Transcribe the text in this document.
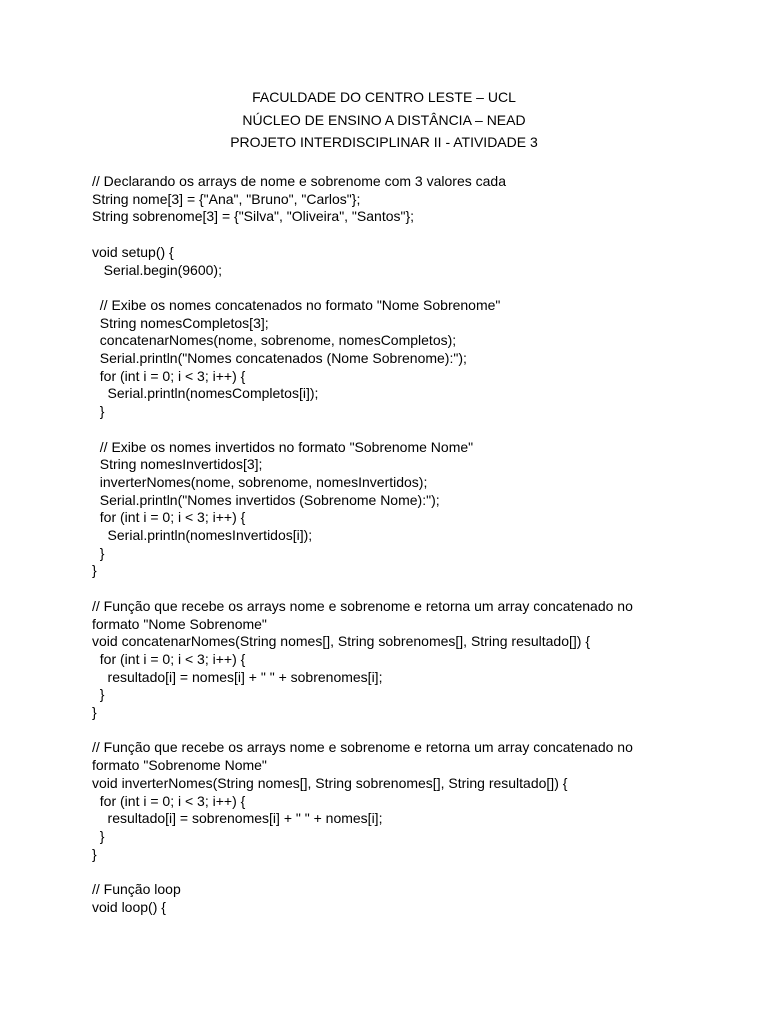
FACULDADE DO CENTRO LESTE – UCL
NÚCLEO DE ENSINO A DISTÂNCIA – NEAD
PROJETO INTERDISCIPLINAR II - ATIVIDADE 3
// Declarando os arrays de nome e sobrenome com 3 valores cada
String nome[3] = {"Ana", "Bruno", "Carlos"};
String sobrenome[3] = {"Silva", "Oliveira", "Santos"};
void setup() {
Serial.begin(9600);
// Exibe os nomes concatenados no formato "Nome Sobrenome"
String nomesCompletos[3];
concatenarNomes(nome, sobrenome, nomesCompletos);
Serial.println("Nomes concatenados (Nome Sobrenome):");
for (int i = 0; i < 3; i++) {
Serial.println(nomesCompletos[i]);
}
// Exibe os nomes invertidos no formato "Sobrenome Nome"
String nomesInvertidos[3];
inverterNomes(nome, sobrenome, nomesInvertidos);
Serial.println("Nomes invertidos (Sobrenome Nome):");
for (int i = 0; i < 3; i++) {
Serial.println(nomesInvertidos[i]);
}
}
// Função que recebe os arrays nome e sobrenome e retorna um array concatenado no
formato "Nome Sobrenome"
void concatenarNomes(String nomes[], String sobrenomes[], String resultado[]) {
for (int i = 0; i < 3; i++) {
resultado[i] = nomes[i] + " " + sobrenomes[i];
}
}
// Função que recebe os arrays nome e sobrenome e retorna um array concatenado no
formato "Sobrenome Nome"
void inverterNomes(String nomes[], String sobrenomes[], String resultado[]) {
for (int i = 0; i < 3; i++) {
resultado[i] = sobrenomes[i] + " " + nomes[i];
}
}
// Função loop
void loop() {
